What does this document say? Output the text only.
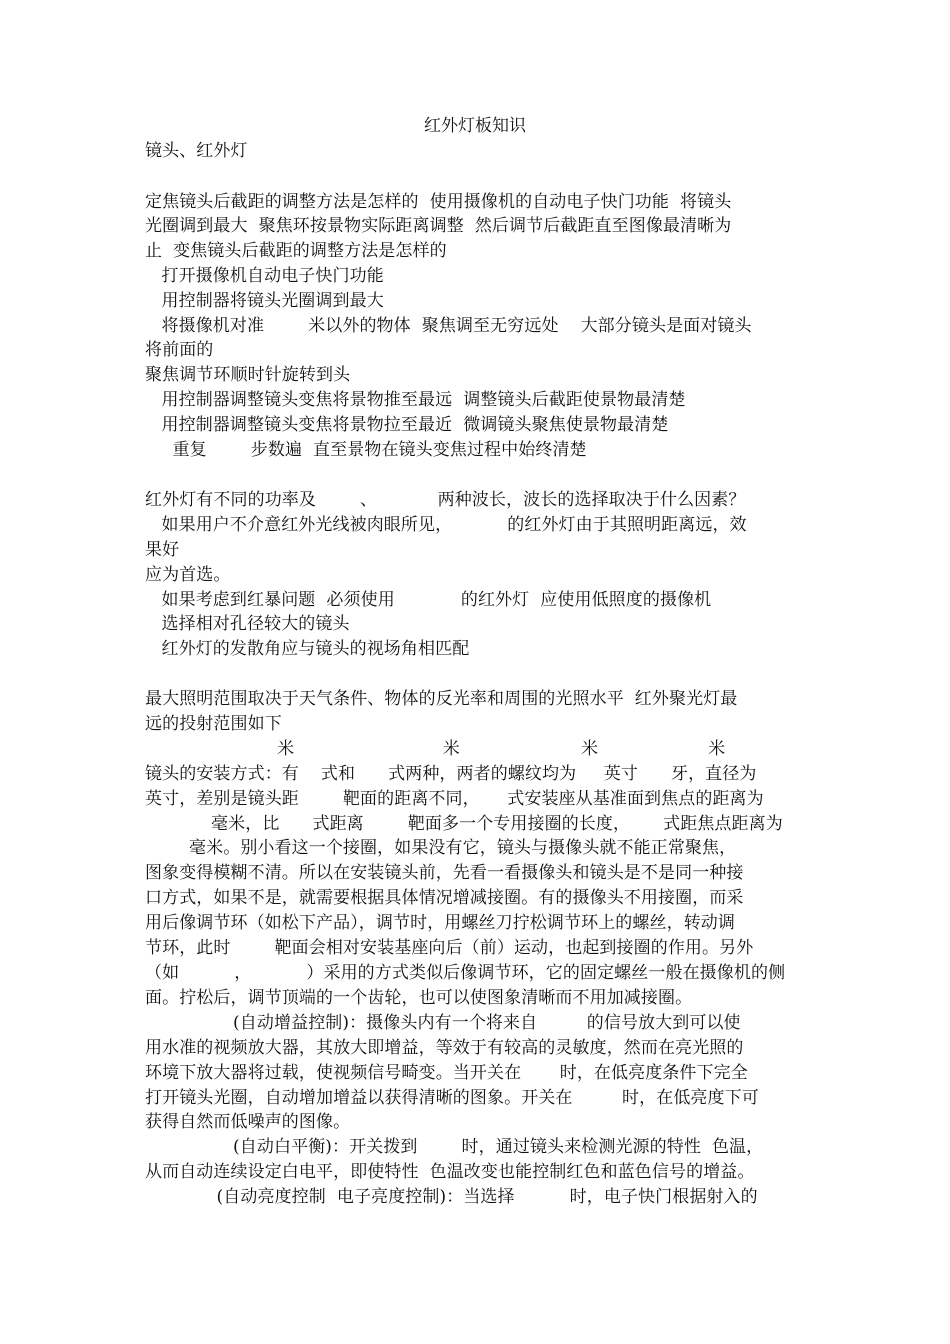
红外灯板知识
镜头、红外灯
定焦镜头后截距的调整方法是怎样的  使用摄像机的自动电子快门功能  将镜头
光圈调到最大  聚焦环按景物实际距离调整  然后调节后截距直至图像最清晰为
止  变焦镜头后截距的调整方法是怎样的
打开摄像机自动电子快门功能
用控制器将镜头光圈调到最大
将摄像机对准        米以外的物体  聚焦调至无穷远处    大部分镜头是面对镜头
将前面的
聚焦调节环顺时针旋转到头
用控制器调整镜头变焦将景物推至最远  调整镜头后截距使景物最清楚
用控制器调整镜头变焦将景物拉至最近  微调镜头聚焦使景物最清楚
重复        步数遍  直至景物在镜头变焦过程中始终清楚
红外灯有不同的功率及        、           两种波长，波长的选择取决于什么因素？
如果用户不介意红外光线被肉眼所见，          的红外灯由于其照明距离远，效
果好
应为首选。
如果考虑到红暴问题  必须使用            的红外灯  应使用低照度的摄像机
选择相对孔径较大的镜头
红外灯的发散角应与镜头的视场角相匹配
最大照明范围取决于天气条件、物体的反光率和周围的光照水平  红外聚光灯最
远的投射范围如下
米                           米                      米                    米
镜头的安装方式：有    式和      式两种，两者的螺纹均为     英寸      牙，直径为
英寸，差别是镜头距        靶面的距离不同，     式安装座从基准面到焦点的距离为
毫米，比      式距离        靶面多一个专用接圈的长度，      式距焦点距离为
毫米。别小看这一个接圈，如果没有它，镜头与摄像头就不能正常聚焦，
图象变得模糊不清。所以在安装镜头前，先看一看摄像头和镜头是不是同一种接
口方式，如果不是，就需要根据具体情况增减接圈。有的摄像头不用接圈，而采
用后像调节环（如松下产品），调节时，用螺丝刀拧松调节环上的螺丝，转动调
节环，此时        靶面会相对安装基座向后（前）运动，也起到接圈的作用。另外
（如          ，          ）采用的方式类似后像调节环，它的固定螺丝一般在摄像机的侧
面。拧松后，调节顶端的一个齿轮，也可以使图象清晰而不用加减接圈。
(自动增益控制)：摄像头内有一个将来自         的信号放大到可以使
用水准的视频放大器，其放大即增益，等效于有较高的灵敏度，然而在亮光照的
环境下放大器将过载，使视频信号畸变。当开关在       时，在低亮度条件下完全
打开镜头光圈，自动增加增益以获得清晰的图象。开关在         时，在低亮度下可
获得自然而低噪声的图像。
(自动白平衡)：开关拨到        时，通过镜头来检测光源的特性  色温，
从而自动连续设定白电平，即使特性  色温改变也能控制红色和蓝色信号的增益。
(自动亮度控制  电子亮度控制)：当选择          时，电子快门根据射入的
